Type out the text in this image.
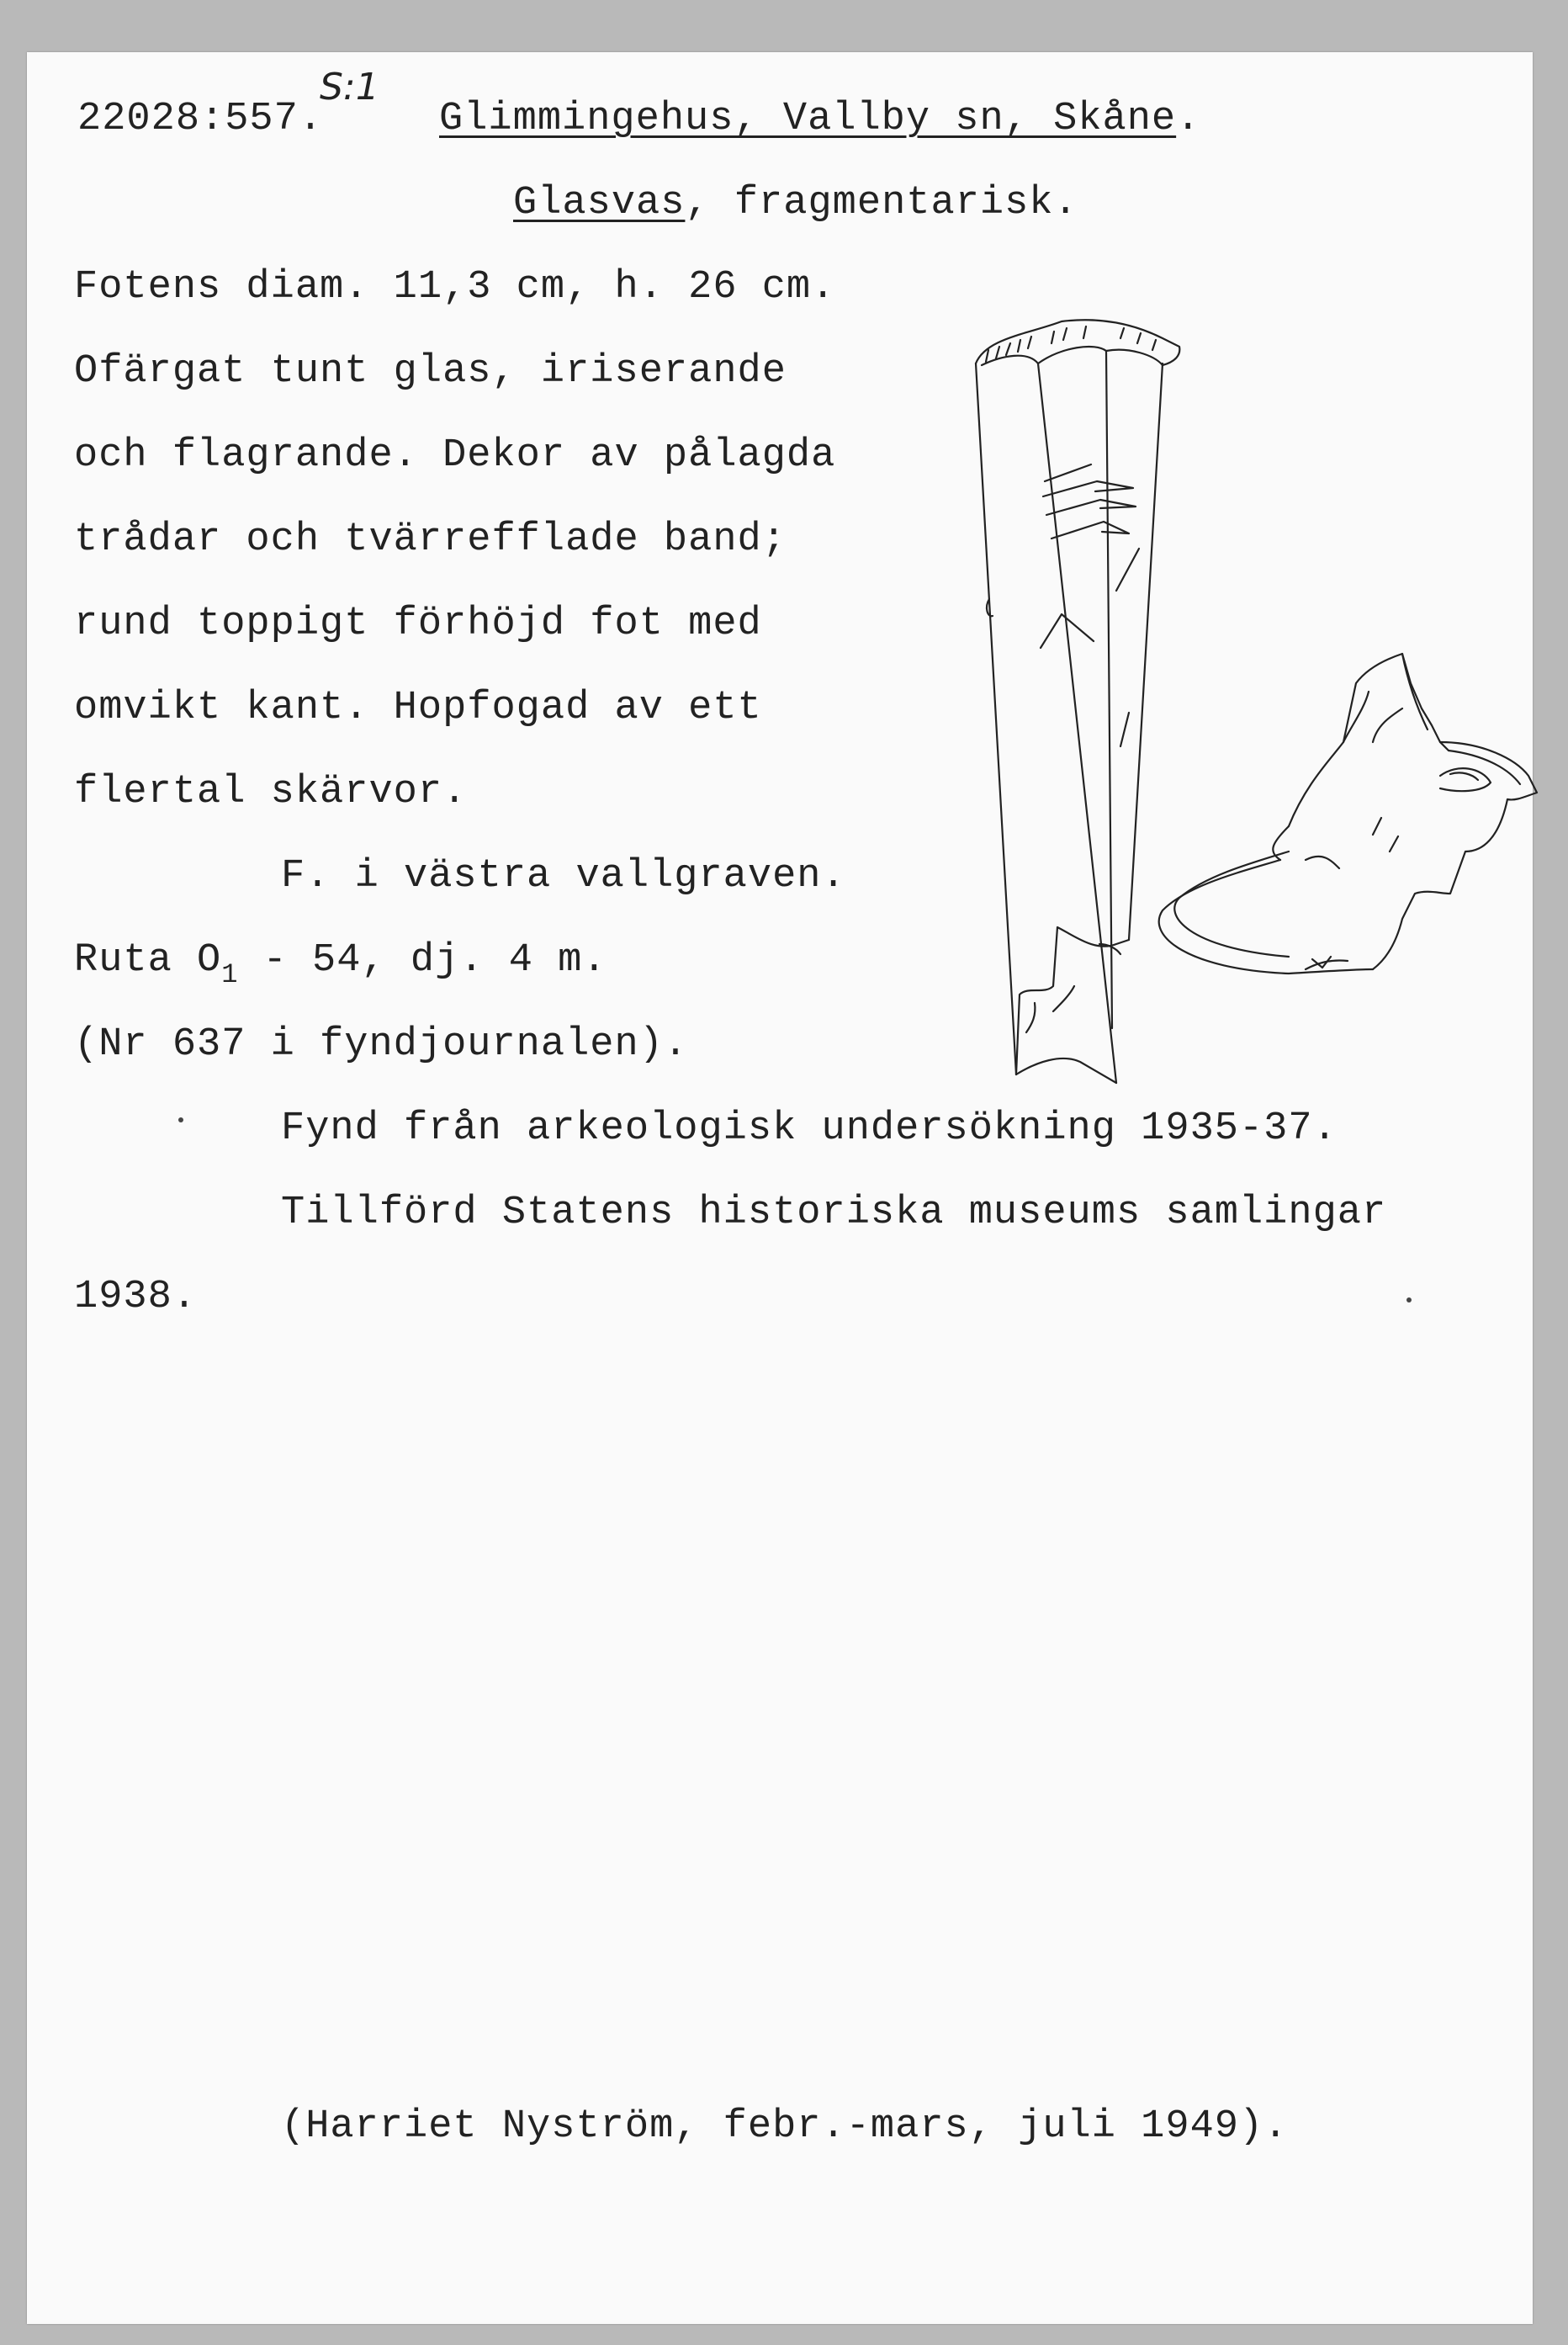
22028:557.
S:1
Glimmingehus, Vallby sn, Skåne.
Glasvas, fragmentarisk.
Fotens diam. 11,3 cm, h. 26 cm.
Ofärgat tunt glas, iriserande
och flagrande. Dekor av pålagda
trådar och tvärrefflade band;
rund toppigt förhöjd fot med
omvikt kant. Hopfogad av ett
flertal skärvor.
F. i västra vallgraven.
Ruta $O_1 - 54$, dj. 4 m.
(Nr 637 i fyndjournalen).
Fynd från arkeologisk undersökning 1935-37.
Tillförd Statens historiska museums samlingar
1938.
(Harriet Nyström, febr.-mars, juli 1949).
